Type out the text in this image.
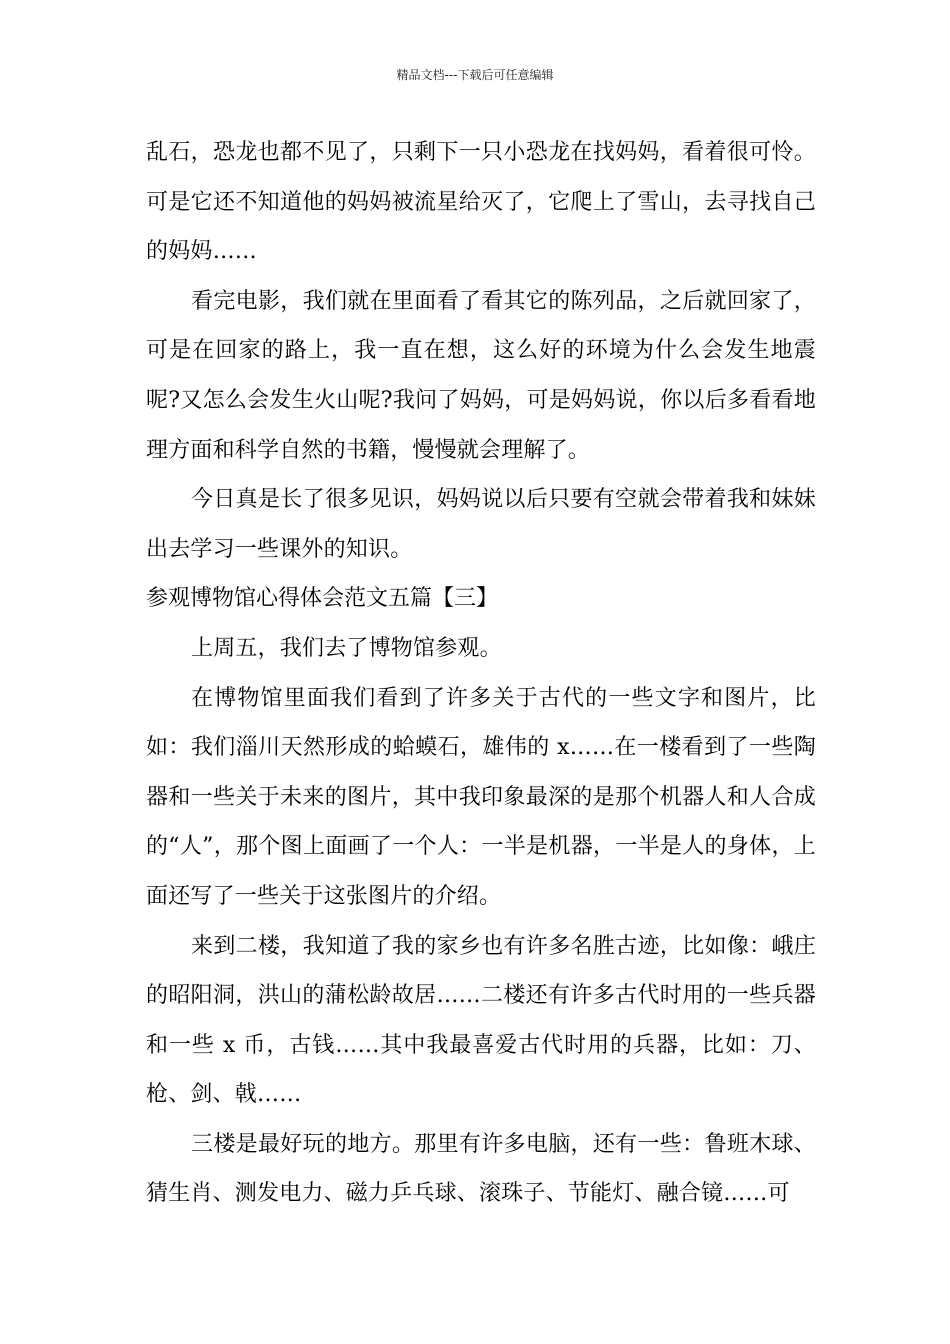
精品文档---下载后可任意编辑

乱石，恐龙也都不见了，只剩下一只小恐龙在找妈妈，看着很可怜。可是它还不知道他的妈妈被流星给灭了，它爬上了雪山，去寻找自己的妈妈……

看完电影，我们就在里面看了看其它的陈列品，之后就回家了，可是在回家的路上，我一直在想，这么好的环境为什么会发生地震呢?又怎么会发生火山呢?我问了妈妈，可是妈妈说，你以后多看看地理方面和科学自然的书籍，慢慢就会理解了。

今日真是长了很多见识，妈妈说以后只要有空就会带着我和妹妹出去学习一些课外的知识。

参观博物馆心得体会范文五篇【三】

上周五，我们去了博物馆参观。

在博物馆里面我们看到了许多关于古代的一些文字和图片，比如：我们淄川天然形成的蛤蟆石，雄伟的 x……在一楼看到了一些陶器和一些关于未来的图片，其中我印象最深的是那个机器人和人合成的“人”，那个图上面画了一个人：一半是机器，一半是人的身体，上面还写了一些关于这张图片的介绍。

来到二楼，我知道了我的家乡也有许多名胜古迹，比如像：峨庄的昭阳洞，洪山的蒲松龄故居……二楼还有许多古代时用的一些兵器和一些 x 币，古钱……其中我最喜爱古代时用的兵器，比如：刀、枪、剑、戟……

三楼是最好玩的地方。那里有许多电脑，还有一些：鲁班木球、猜生肖、测发电力、磁力乒乓球、滚珠子、节能灯、融合镜……可
